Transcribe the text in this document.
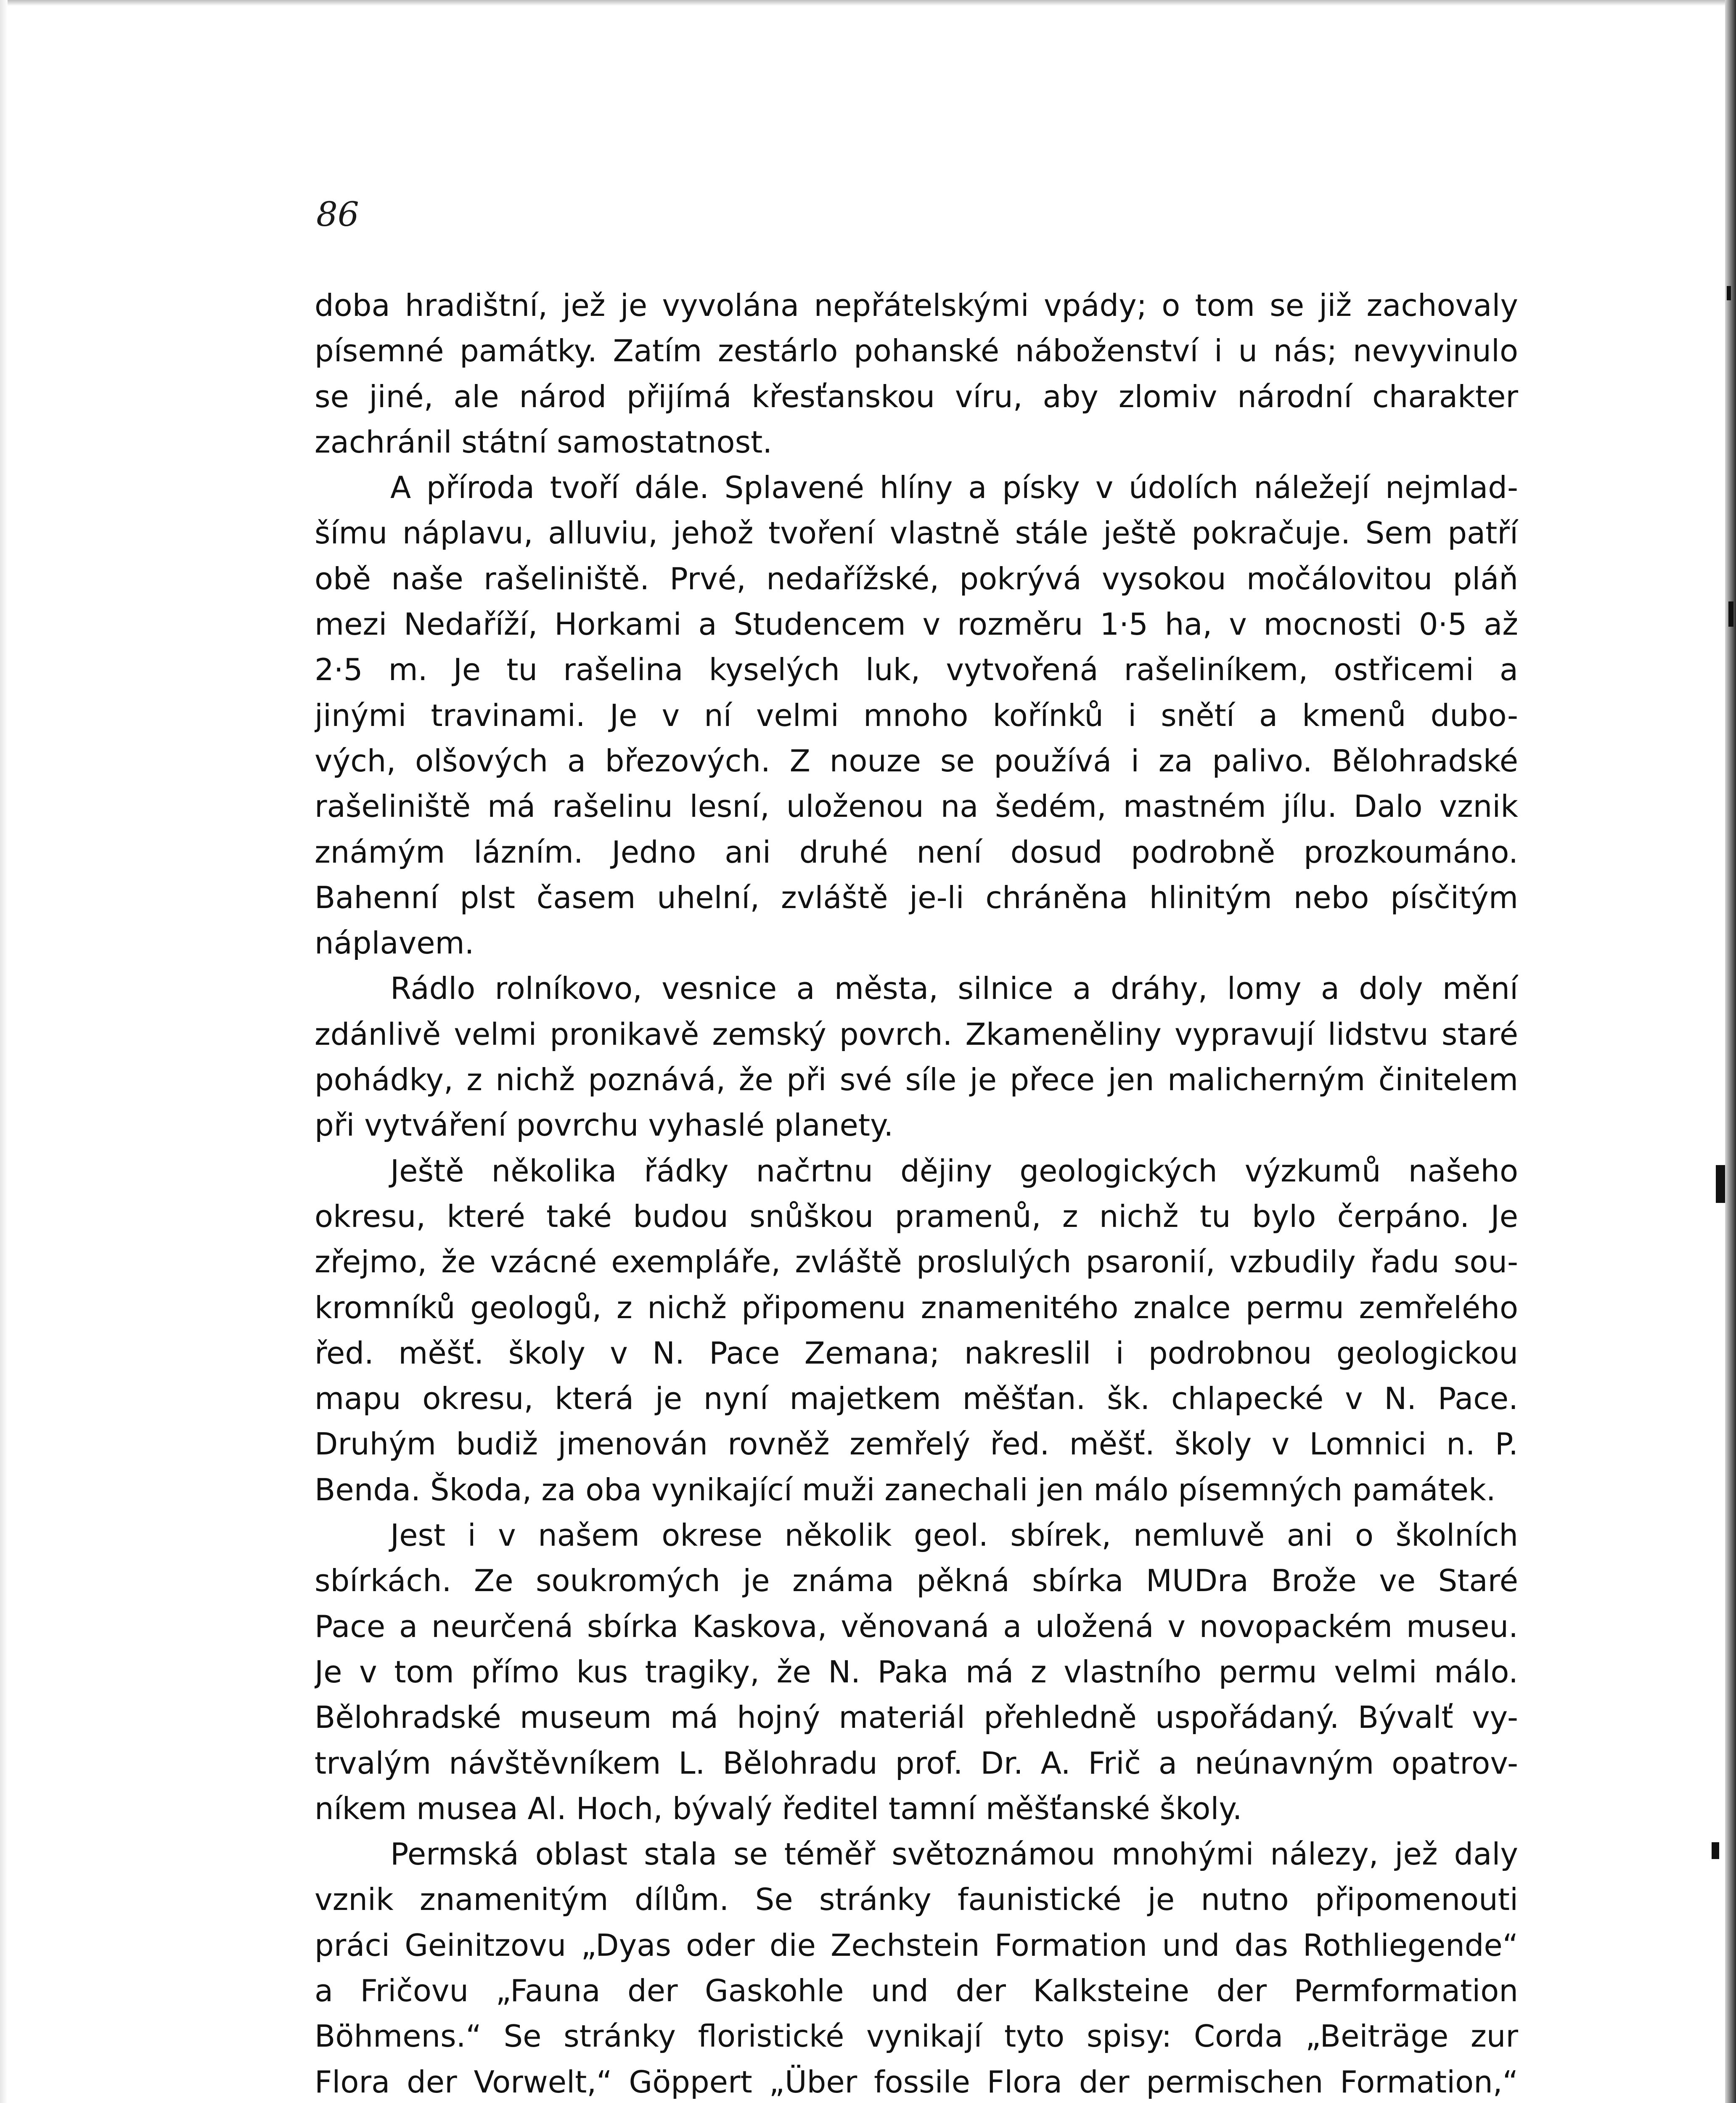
86
doba hradištní, jež je vyvolána nepřátelskými vpády; o tom se již zachovaly
písemné památky. Zatím zestárlo pohanské náboženství i u nás; nevyvinulo
se jiné, ale národ přijímá křesťanskou víru, aby zlomiv národní charakter
zachránil státní samostatnost.
A příroda tvoří dále. Splavené hlíny a písky v údolích náležejí nejmlad-
šímu náplavu, alluviu, jehož tvoření vlastně stále ještě pokračuje. Sem patří
obě naše rašeliniště. Prvé, nedařížské, pokrývá vysokou močálovitou pláň
mezi Nedaříží, Horkami a Studencem v rozměru 1·5 ha, v mocnosti 0·5 až
2·5 m. Je tu rašelina kyselých luk, vytvořená rašeliníkem, ostřicemi a
jinými travinami. Je v ní velmi mnoho kořínků i snětí a kmenů dubo-
vých, olšových a březových. Z nouze se používá i za palivo. Bělohradské
rašeliniště má rašelinu lesní, uloženou na šedém, mastném jílu. Dalo vznik
známým lázním. Jedno ani druhé není dosud podrobně prozkoumáno.
Bahenní plst časem uhelní, zvláště je-li chráněna hlinitým nebo písčitým
náplavem.
Rádlo rolníkovo, vesnice a města, silnice a dráhy, lomy a doly mění
zdánlivě velmi pronikavě zemský povrch. Zkameněliny vypravují lidstvu staré
pohádky, z nichž poznává, že při své síle je přece jen malicherným činitelem
při vytváření povrchu vyhaslé planety.
Ještě několika řádky načrtnu dějiny geologických výzkumů našeho
okresu, které také budou snůškou pramenů, z nichž tu bylo čerpáno. Je
zřejmo, že vzácné exempláře, zvláště proslulých psaronií, vzbudily řadu sou-
kromníků geologů, z nichž připomenu znamenitého znalce permu zemřelého
řed. měšť. školy v N. Pace Zemana; nakreslil i podrobnou geologickou
mapu okresu, která je nyní majetkem měšťan. šk. chlapecké v N. Pace.
Druhým budiž jmenován rovněž zemřelý řed. měšť. školy v Lomnici n. P.
Benda. Škoda, za oba vynikající muži zanechali jen málo písemných památek.
Jest i v našem okrese několik geol. sbírek, nemluvě ani o školních
sbírkách. Ze soukromých je známa pěkná sbírka MUDra Brože ve Staré
Pace a neurčená sbírka Kaskova, věnovaná a uložená v novopackém museu.
Je v tom přímo kus tragiky, že N. Paka má z vlastního permu velmi málo.
Bělohradské museum má hojný materiál přehledně uspořádaný. Bývalť vy-
trvalým návštěvníkem L. Bělohradu prof. Dr. A. Frič a neúnavným opatrov-
níkem musea Al. Hoch, bývalý ředitel tamní měšťanské školy.
Permská oblast stala se téměř světoznámou mnohými nálezy, jež daly
vznik znamenitým dílům. Se stránky faunistické je nutno připomenouti
práci Geinitzovu „Dyas oder die Zechstein Formation und das Rothliegende“
a Fričovu „Fauna der Gaskohle und der Kalksteine der Permformation
Böhmens.“ Se stránky floristické vynikají tyto spisy: Corda „Beiträge zur
Flora der Vorwelt,“ Göppert „Über fossile Flora der permischen Formation,“
